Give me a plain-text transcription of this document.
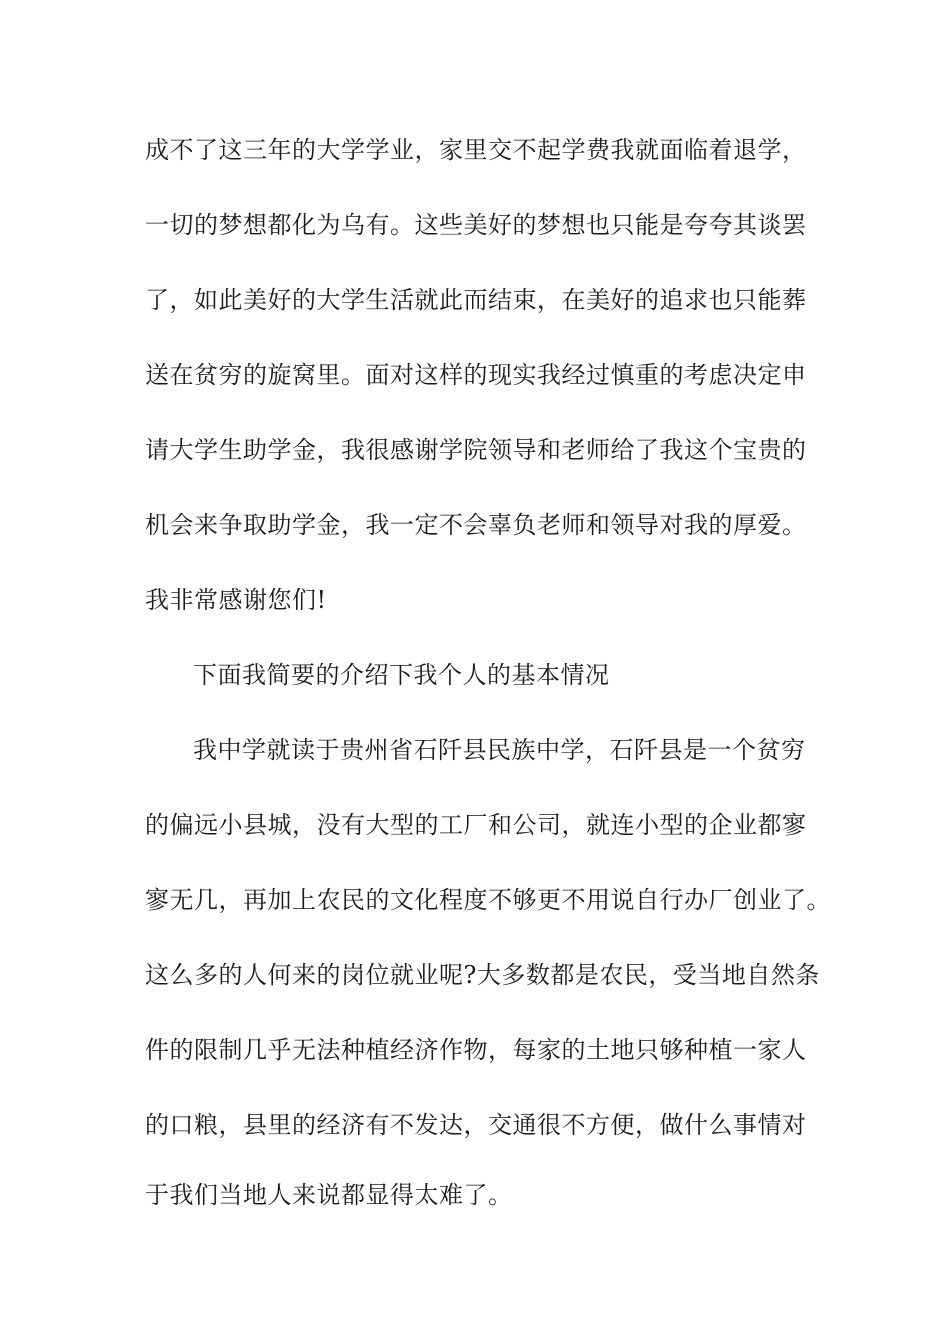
成不了这三年的大学学业，家里交不起学费我就面临着退学，

一切的梦想都化为乌有。这些美好的梦想也只能是夸夸其谈罢

了，如此美好的大学生活就此而结束，在美好的追求也只能葬

送在贫穷的旋窝里。面对这样的现实我经过慎重的考虑决定申

请大学生助学金，我很感谢学院领导和老师给了我这个宝贵的

机会来争取助学金，我一定不会辜负老师和领导对我的厚爱。

我非常感谢您们!

下面我简要的介绍下我个人的基本情况

我中学就读于贵州省石阡县民族中学，石阡县是一个贫穷

的偏远小县城，没有大型的工厂和公司，就连小型的企业都寥

寥无几，再加上农民的文化程度不够更不用说自行办厂创业了。

这么多的人何来的岗位就业呢?大多数都是农民，受当地自然条

件的限制几乎无法种植经济作物，每家的土地只够种植一家人

的口粮，县里的经济有不发达，交通很不方便，做什么事情对

于我们当地人来说都显得太难了。
